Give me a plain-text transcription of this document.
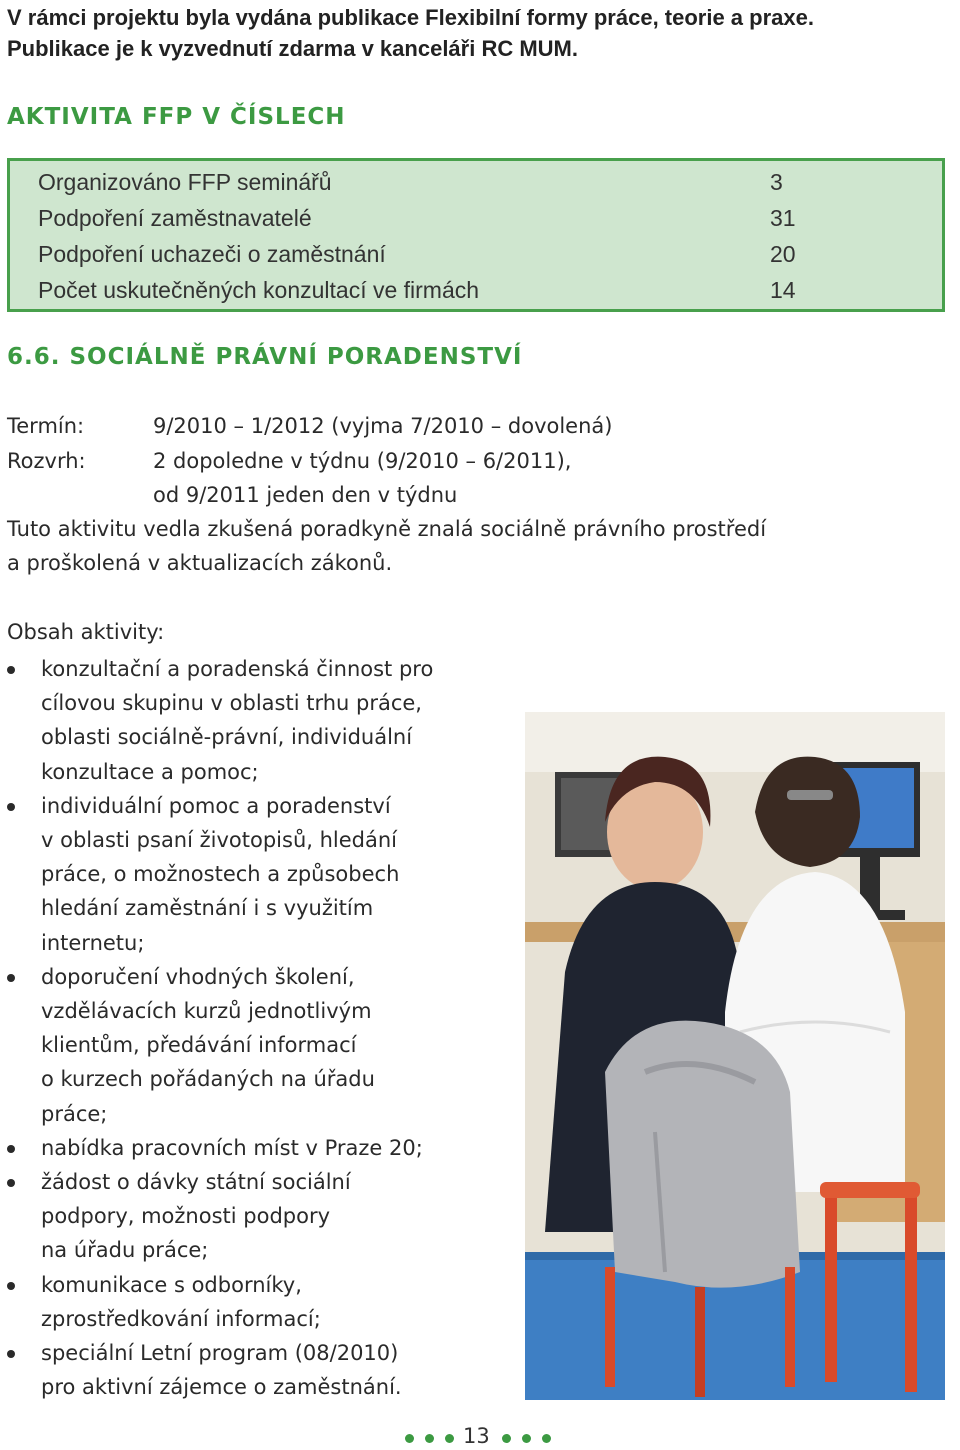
V rámci projektu byla vydána publikace Flexibilní formy práce, teorie a praxe.
Publikace je k vyzvednutí zdarma v kanceláři RC MUM.
AKTIVITA FFP V ČÍSLECH
Organizováno FFP seminářů	3
Podpoření zaměstnavatelé	31
Podpoření uchazeči o zaměstnání	20
Počet uskutečněných konzultací ve firmách	14
6.6. SOCIÁLNĚ PRÁVNÍ PORADENSTVÍ
Termín:	9/2010 – 1/2012 (vyjma 7/2010 – dovolená)
Rozvrh:	2 dopoledne v týdnu (9/2010 – 6/2011),
od 9/2011 jeden den v týdnu
Tuto aktivitu vedla zkušená poradkyně znalá sociálně právního prostředí
a proškolená v aktualizacích zákonů.
Obsah aktivity:
konzultační a poradenská činnost pro
cílovou skupinu v oblasti trhu práce,
oblasti sociálně-právní, individuální
konzultace a pomoc;
individuální pomoc a poradenství
v oblasti psaní životopisů, hledání
práce, o možnostech a způsobech
hledání zaměstnání i s využitím
internetu;
doporučení vhodných školení,
vzdělávacích kurzů jednotlivým
klientům, předávání informací
o kurzech pořádaných na úřadu
práce;
nabídka pracovních míst v Praze 20;
žádost o dávky státní sociální
podpory, možnosti podpory
na úřadu práce;
komunikace s odborníky,
zprostředkování informací;
speciální Letní program (08/2010)
pro aktivní zájemce o zaměstnání.
13
